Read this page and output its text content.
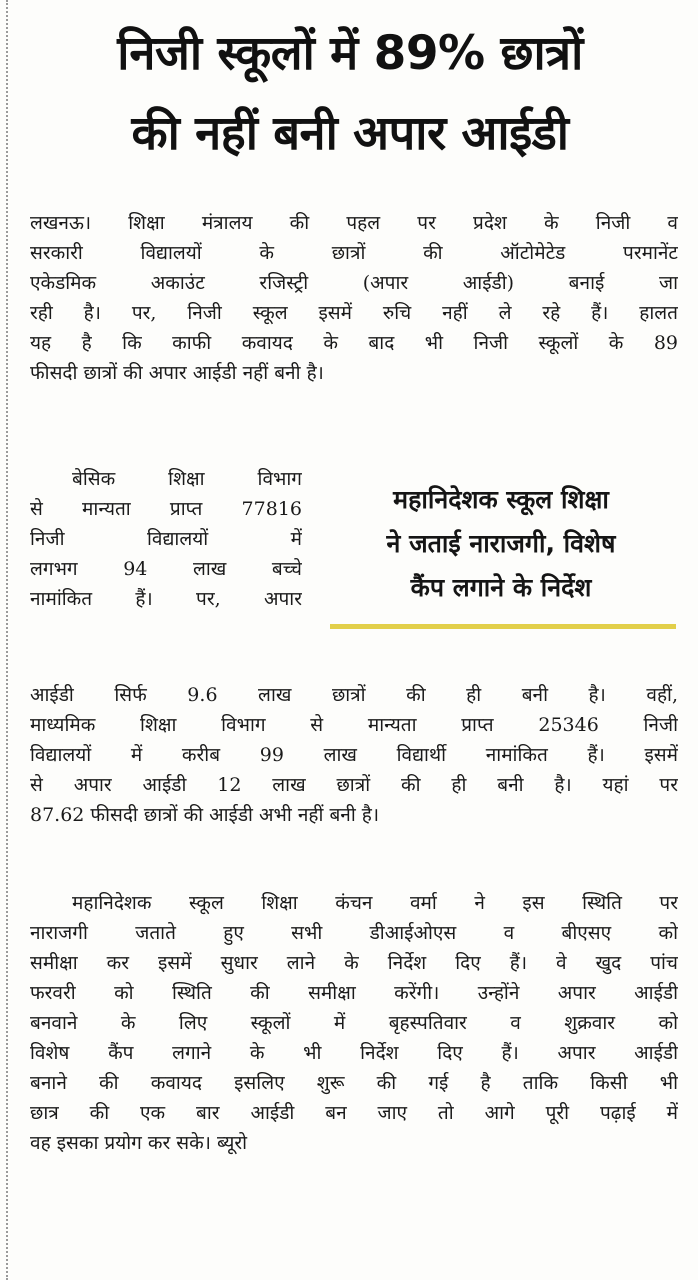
निजी स्कूलों में 89% छात्रों
की नहीं बनी अपार आईडी
लखनऊ। शिक्षा मंत्रालय की पहल पर प्रदेश के निजी व
सरकारी विद्यालयों के छात्रों की ऑटोमेटेड परमानेंट
एकेडमिक अकाउंट रजिस्ट्री (अपार आईडी) बनाई जा
रही है। पर, निजी स्कूल इसमें रुचि नहीं ले रहे हैं। हालत
यह है कि काफी कवायद के बाद भी निजी स्कूलों के 89
फीसदी छात्रों की अपार आईडी नहीं बनी है।
बेसिक शिक्षा विभाग
से मान्यता प्राप्त 77816
निजी विद्यालयों में
लगभग 94 लाख बच्चे
नामांकित हैं। पर, अपार
महानिदेशक स्कूल शिक्षा
ने जताई नाराजगी, विशेष
कैंप लगाने के निर्देश
आईडी सिर्फ 9.6 लाख छात्रों की ही बनी है। वहीं,
माध्यमिक शिक्षा विभाग से मान्यता प्राप्त 25346 निजी
विद्यालयों में करीब 99 लाख विद्यार्थी नामांकित हैं। इसमें
से अपार आईडी 12 लाख छात्रों की ही बनी है। यहां पर
87.62 फीसदी छात्रों की आईडी अभी नहीं बनी है।
महानिदेशक स्कूल शिक्षा कंचन वर्मा ने इस स्थिति पर
नाराजगी जताते हुए सभी डीआईओएस व बीएसए को
समीक्षा कर इसमें सुधार लाने के निर्देश दिए हैं। वे खुद पांच
फरवरी को स्थिति की समीक्षा करेंगी। उन्होंने अपार आईडी
बनवाने के लिए स्कूलों में बृहस्पतिवार व शुक्रवार को
विशेष कैंप लगाने के भी निर्देश दिए हैं। अपार आईडी
बनाने की कवायद इसलिए शुरू की गई है ताकि किसी भी
छात्र की एक बार आईडी बन जाए तो आगे पूरी पढ़ाई में
वह इसका प्रयोग कर सके। ब्यूरो
